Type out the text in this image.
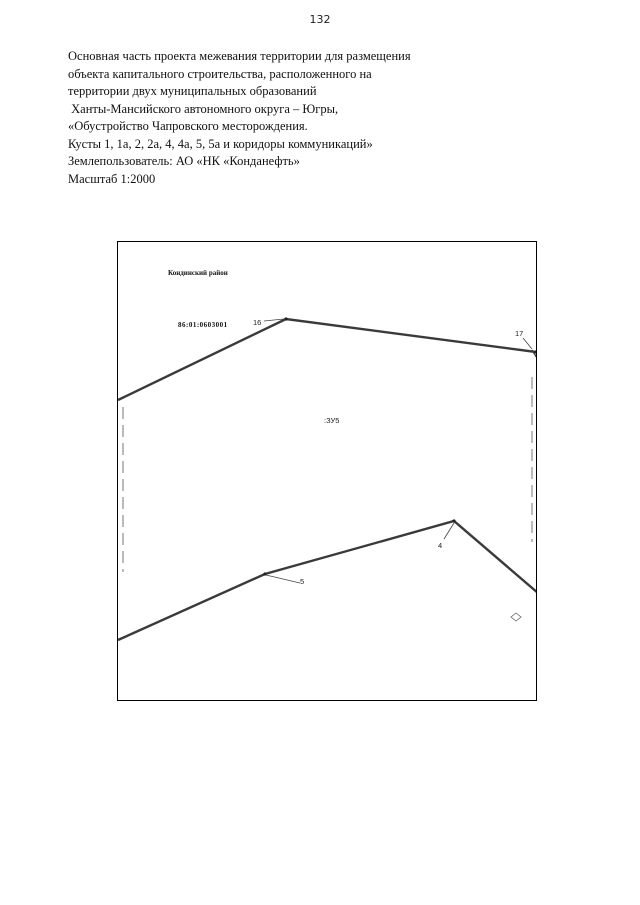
132
Основная часть проекта межевания территории для размещения
объекта капитального строительства, расположенного на
территории двух муниципальных образований
Ханты-Мансийского автономного округа – Югры,
«Обустройство Чапровского месторождения.
Кусты 1, 1а, 2, 2а, 4, 4а, 5, 5а и коридоры коммуникаций»
Землепользователь: АО «НК «Конданефть»
Масштаб 1:2000
Кондинский район
86:01:0603001
:ЗУ5
16
17
4
5
